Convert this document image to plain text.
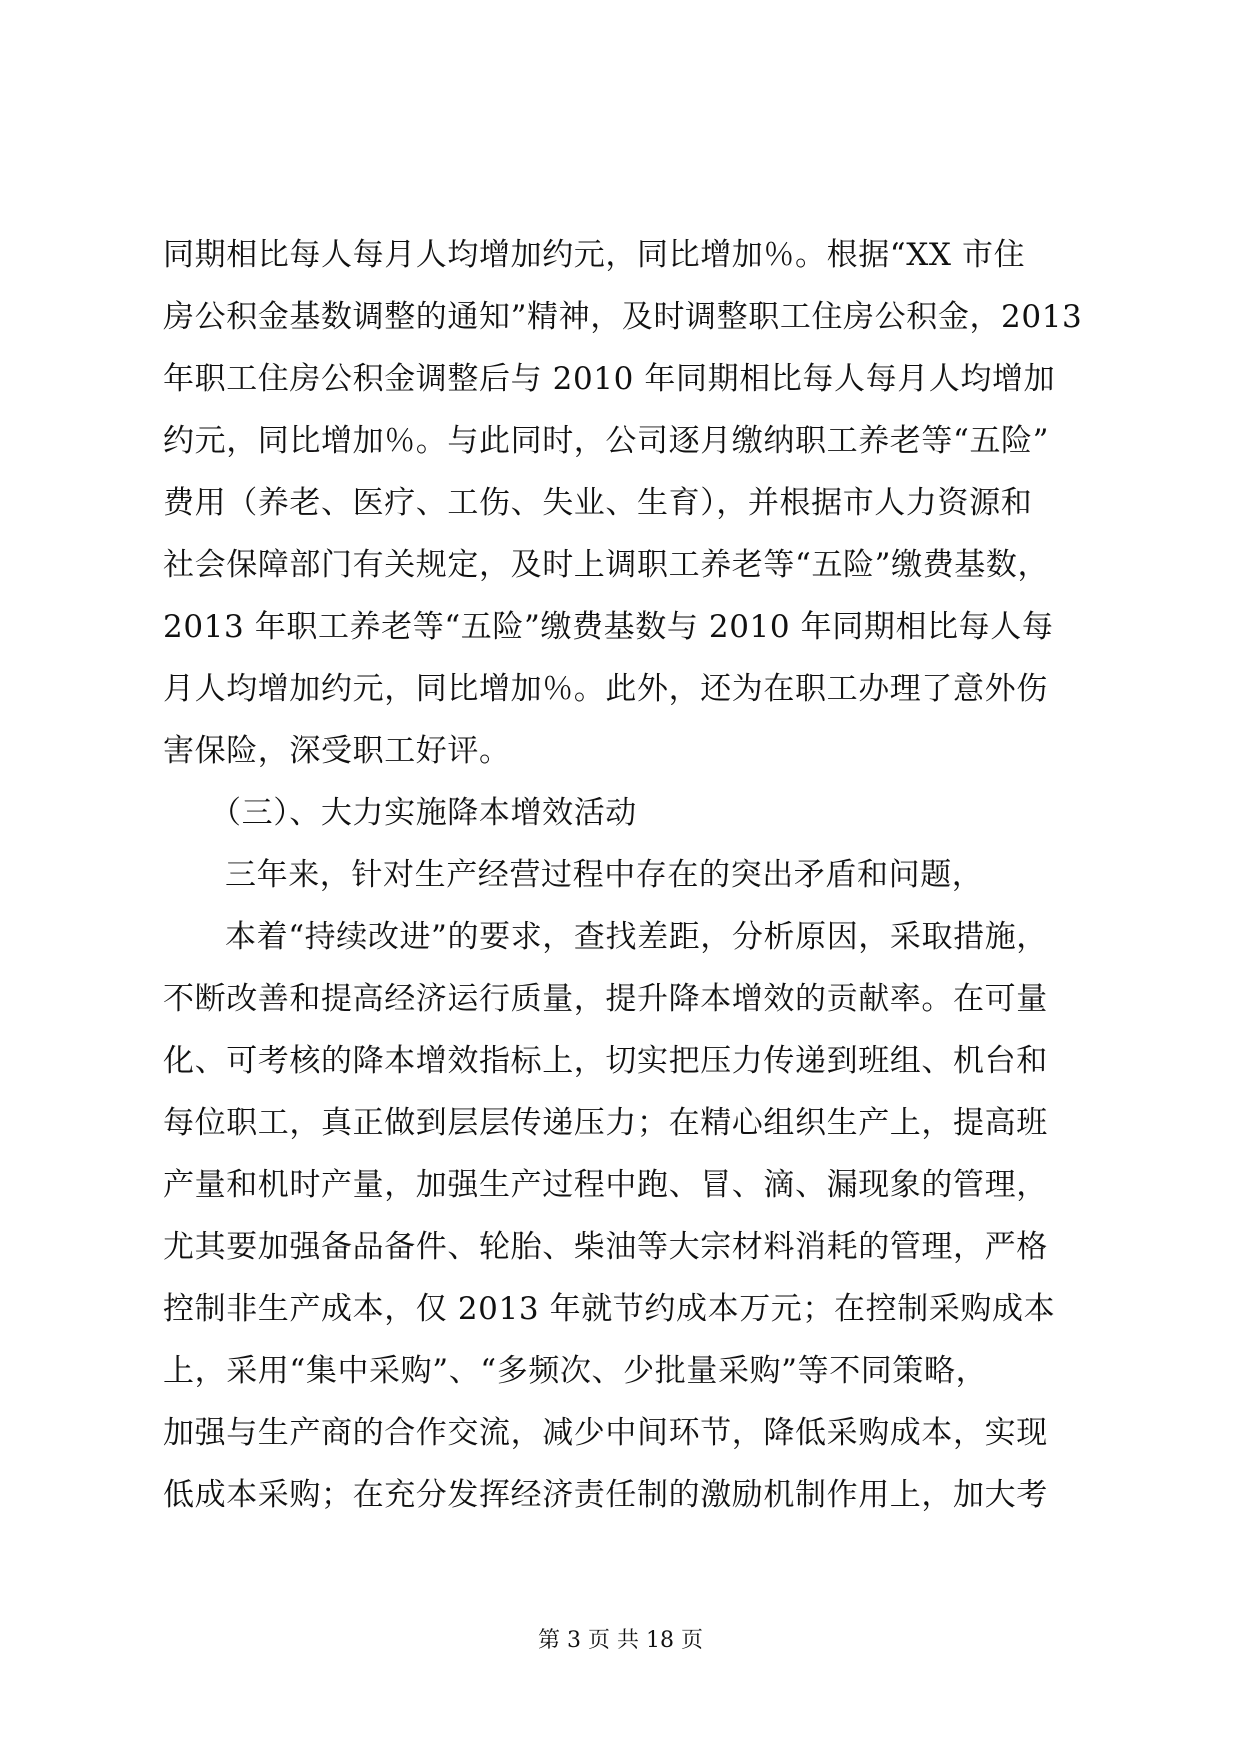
同期相比每人每月人均增加约元，同比增加％。根据“XX 市住
房公积金基数调整的通知”精神，及时调整职工住房公积金，2013
年职工住房公积金调整后与 2010 年同期相比每人每月人均增加
约元，同比增加％。与此同时，公司逐月缴纳职工养老等“五险”
费用（养老、医疗、工伤、失业、生育），并根据市人力资源和
社会保障部门有关规定，及时上调职工养老等“五险”缴费基数，
2013 年职工养老等“五险”缴费基数与 2010 年同期相比每人每
月人均增加约元，同比增加％。此外，还为在职工办理了意外伤
害保险，深受职工好评。
（三）、大力实施降本增效活动
三年来，针对生产经营过程中存在的突出矛盾和问题，
本着“持续改进”的要求，查找差距，分析原因，采取措施，
不断改善和提高经济运行质量，提升降本增效的贡献率。在可量
化、可考核的降本增效指标上，切实把压力传递到班组、机台和
每位职工，真正做到层层传递压力；在精心组织生产上，提高班
产量和机时产量，加强生产过程中跑、冒、滴、漏现象的管理，
尤其要加强备品备件、轮胎、柴油等大宗材料消耗的管理，严格
控制非生产成本，仅 2013 年就节约成本万元；在控制采购成本
上，采用“集中采购”、“多频次、少批量采购”等不同策略，
加强与生产商的合作交流，减少中间环节，降低采购成本，实现
低成本采购；在充分发挥经济责任制的激励机制作用上，加大考
第 3 页 共 18 页
